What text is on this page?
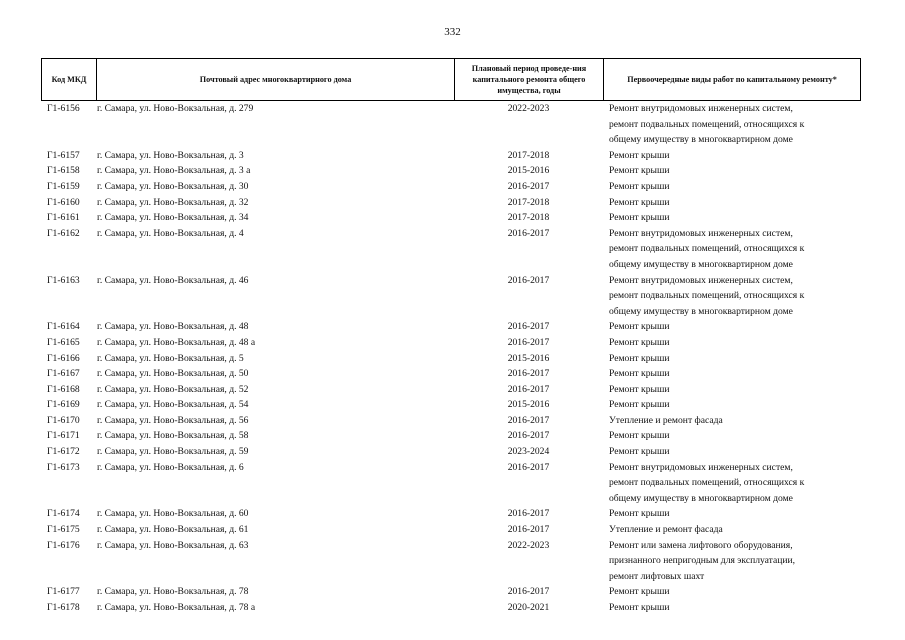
332
Код МКД	Почтовый адрес многоквартирного дома	Плановый период проведе-ния капитального ремонта общего имущества, годы	Первоочередные виды работ по капитальному ремонту*
Г1-6156	г. Самара, ул. Ново-Вокзальная, д. 279	2022-2023	Ремонт внутридомовых инженерных систем,
ремонт подвальных помещений, относящихся к
общему имуществу в многоквартирном доме
Г1-6157	г. Самара, ул. Ново-Вокзальная, д. 3	2017-2018	Ремонт крыши
Г1-6158	г. Самара, ул. Ново-Вокзальная, д. 3 а	2015-2016	Ремонт крыши
Г1-6159	г. Самара, ул. Ново-Вокзальная, д. 30	2016-2017	Ремонт крыши
Г1-6160	г. Самара, ул. Ново-Вокзальная, д. 32	2017-2018	Ремонт крыши
Г1-6161	г. Самара, ул. Ново-Вокзальная, д. 34	2017-2018	Ремонт крыши
Г1-6162	г. Самара, ул. Ново-Вокзальная, д. 4	2016-2017	Ремонт внутридомовых инженерных систем,
ремонт подвальных помещений, относящихся к
общему имуществу в многоквартирном доме
Г1-6163	г. Самара, ул. Ново-Вокзальная, д. 46	2016-2017	Ремонт внутридомовых инженерных систем,
ремонт подвальных помещений, относящихся к
общему имуществу в многоквартирном доме
Г1-6164	г. Самара, ул. Ново-Вокзальная, д. 48	2016-2017	Ремонт крыши
Г1-6165	г. Самара, ул. Ново-Вокзальная, д. 48 а	2016-2017	Ремонт крыши
Г1-6166	г. Самара, ул. Ново-Вокзальная, д. 5	2015-2016	Ремонт крыши
Г1-6167	г. Самара, ул. Ново-Вокзальная, д. 50	2016-2017	Ремонт крыши
Г1-6168	г. Самара, ул. Ново-Вокзальная, д. 52	2016-2017	Ремонт крыши
Г1-6169	г. Самара, ул. Ново-Вокзальная, д. 54	2015-2016	Ремонт крыши
Г1-6170	г. Самара, ул. Ново-Вокзальная, д. 56	2016-2017	Утепление и ремонт фасада
Г1-6171	г. Самара, ул. Ново-Вокзальная, д. 58	2016-2017	Ремонт крыши
Г1-6172	г. Самара, ул. Ново-Вокзальная, д. 59	2023-2024	Ремонт крыши
Г1-6173	г. Самара, ул. Ново-Вокзальная, д. 6	2016-2017	Ремонт внутридомовых инженерных систем,
ремонт подвальных помещений, относящихся к
общему имуществу в многоквартирном доме
Г1-6174	г. Самара, ул. Ново-Вокзальная, д. 60	2016-2017	Ремонт крыши
Г1-6175	г. Самара, ул. Ново-Вокзальная, д. 61	2016-2017	Утепление и ремонт фасада
Г1-6176	г. Самара, ул. Ново-Вокзальная, д. 63	2022-2023	Ремонт или замена лифтового оборудования,
признанного непригодным для эксплуатации,
ремонт лифтовых шахт
Г1-6177	г. Самара, ул. Ново-Вокзальная, д. 78	2016-2017	Ремонт крыши
Г1-6178	г. Самара, ул. Ново-Вокзальная, д. 78 а	2020-2021	Ремонт крыши
